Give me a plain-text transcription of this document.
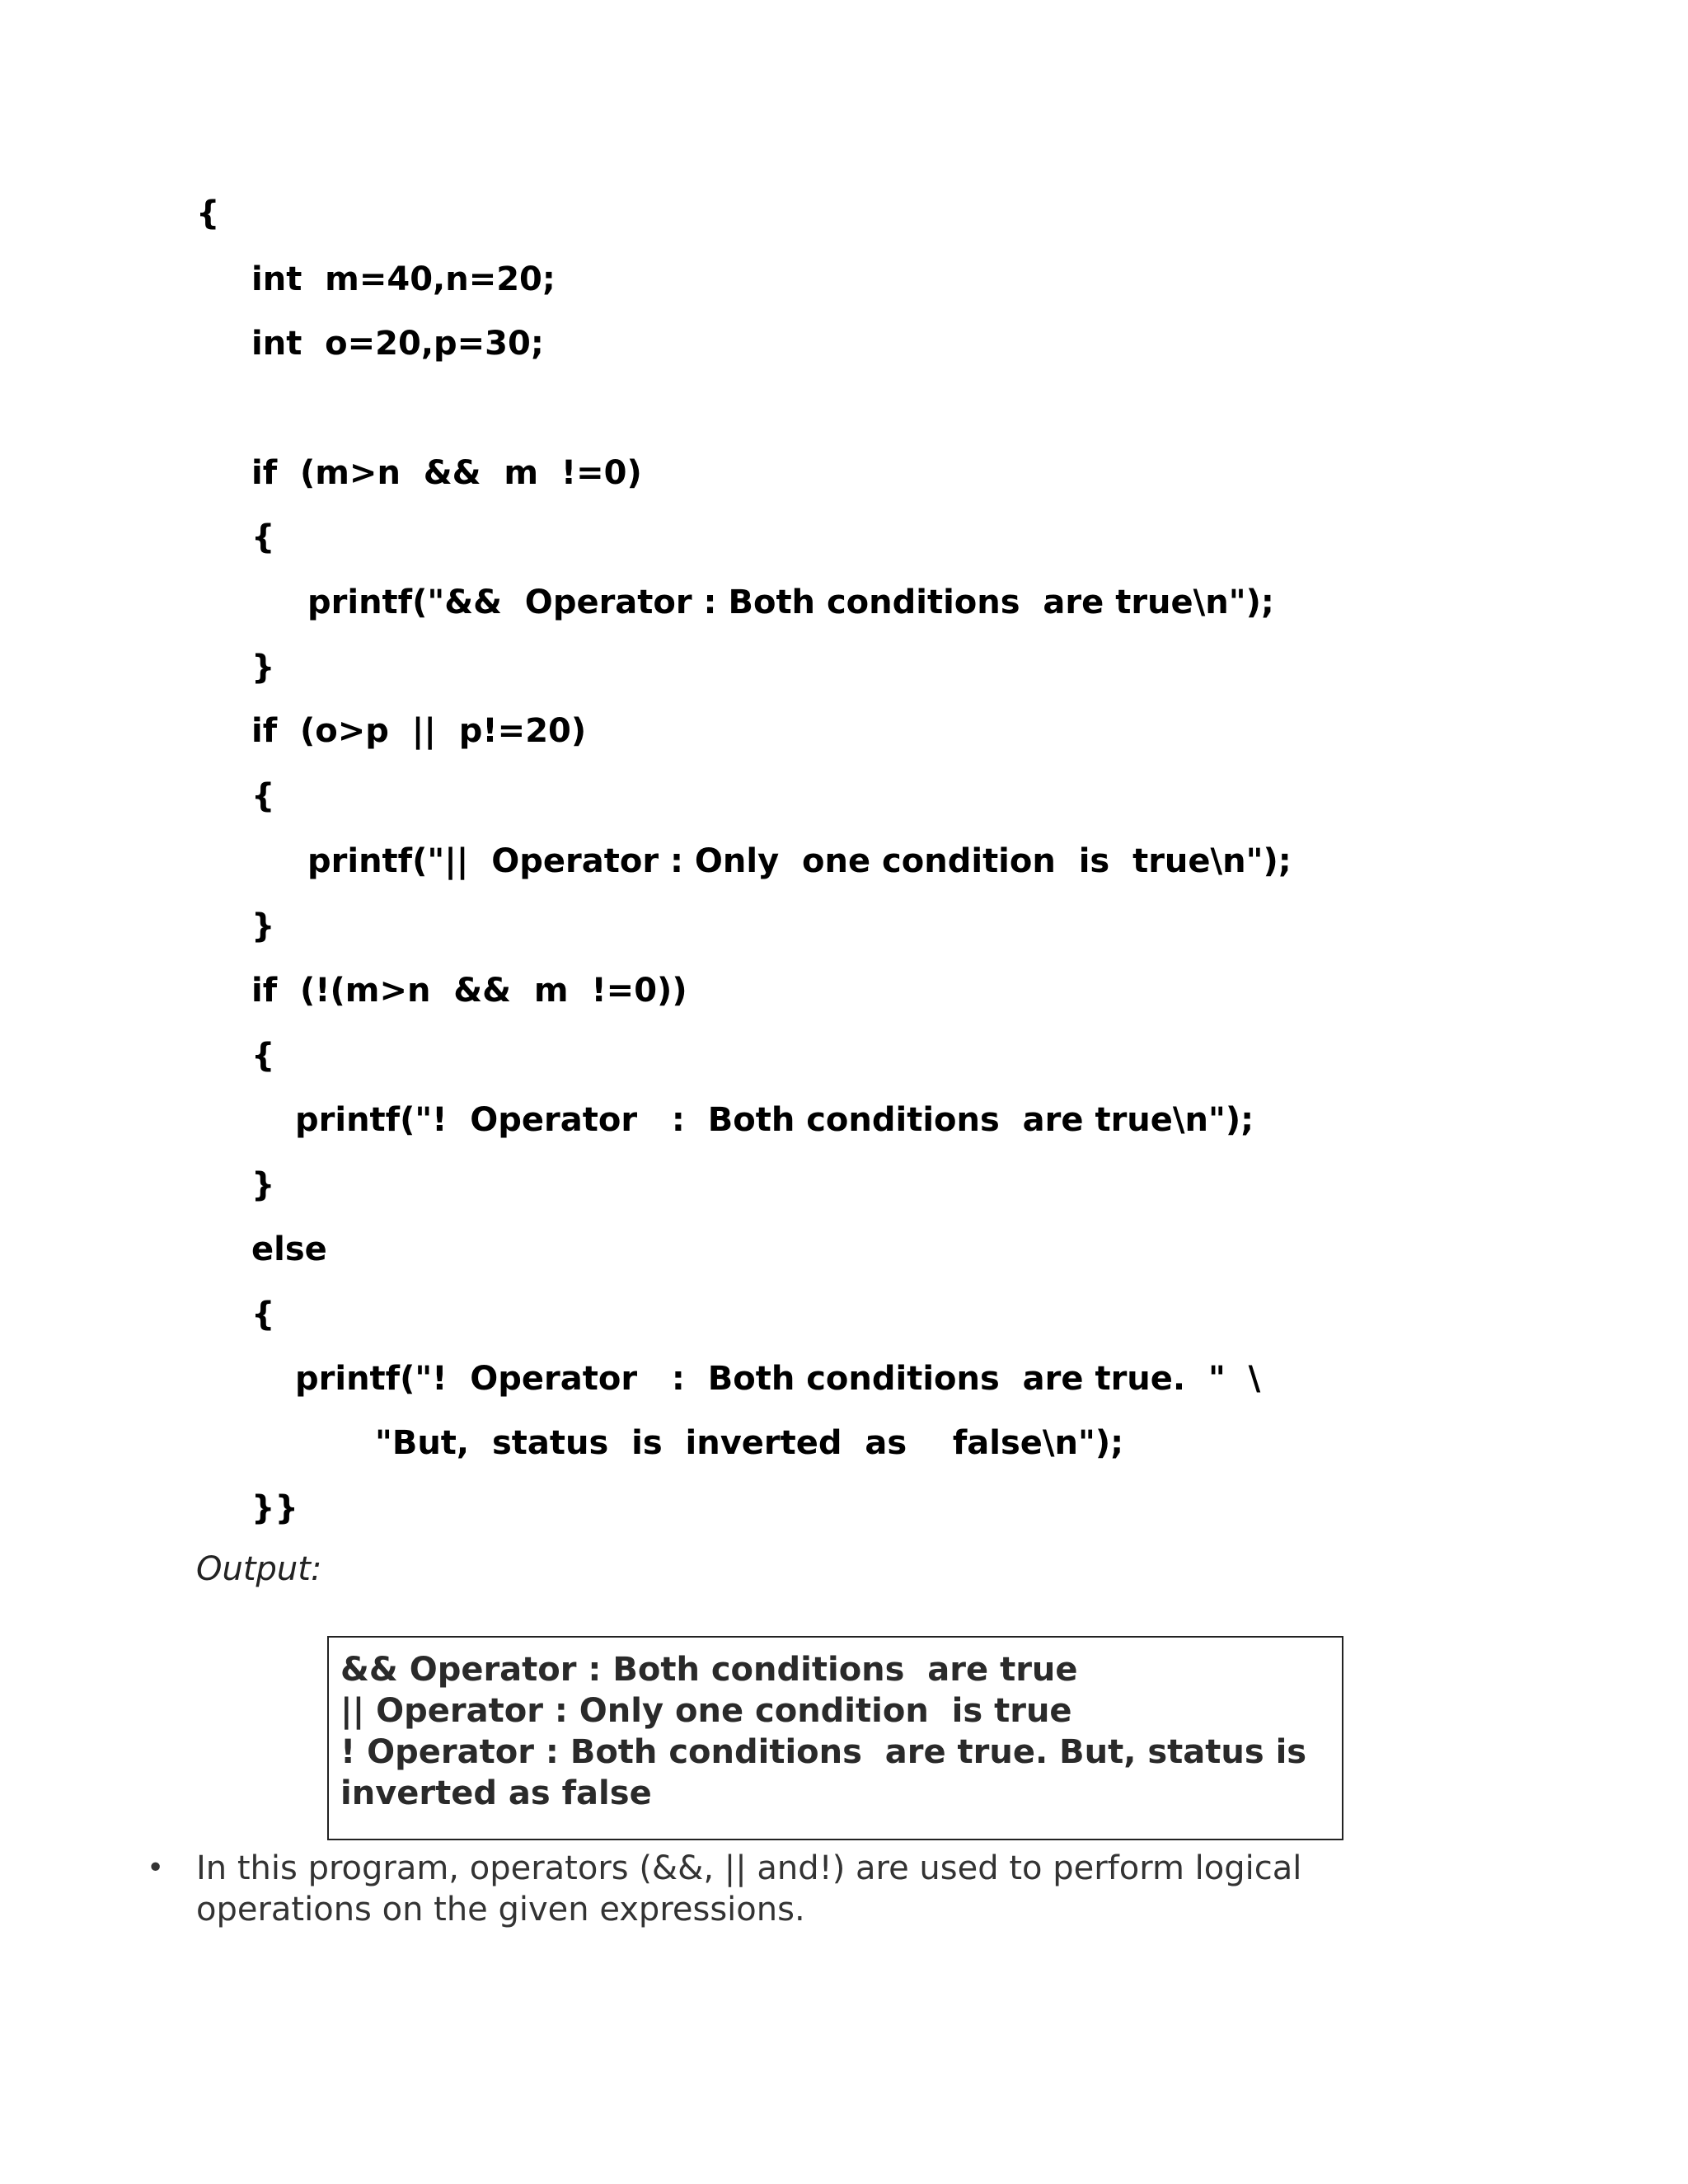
{
int  m=40,n=20;
int  o=20,p=30;
if  (m>n  &&  m  !=0)
{
printf("&&  Operator : Both conditions  are true\n");
}
if  (o>p  ||  p!=20)
{
printf("||  Operator : Only  one condition  is  true\n");
}
if  (!(m>n  &&  m  !=0))
{
printf("!  Operator   :  Both conditions  are true\n");
}
else
{
printf("!  Operator   :  Both conditions  are true.  "  \
"But,  status  is  inverted  as    false\n");
}}
Output:
&& Operator : Both conditions  are true
|| Operator : Only one condition  is true
! Operator : Both conditions  are true. But, status is
inverted as false
• In this program, operators (&&, || and!) are used to perform logical operations on the given expressions.
